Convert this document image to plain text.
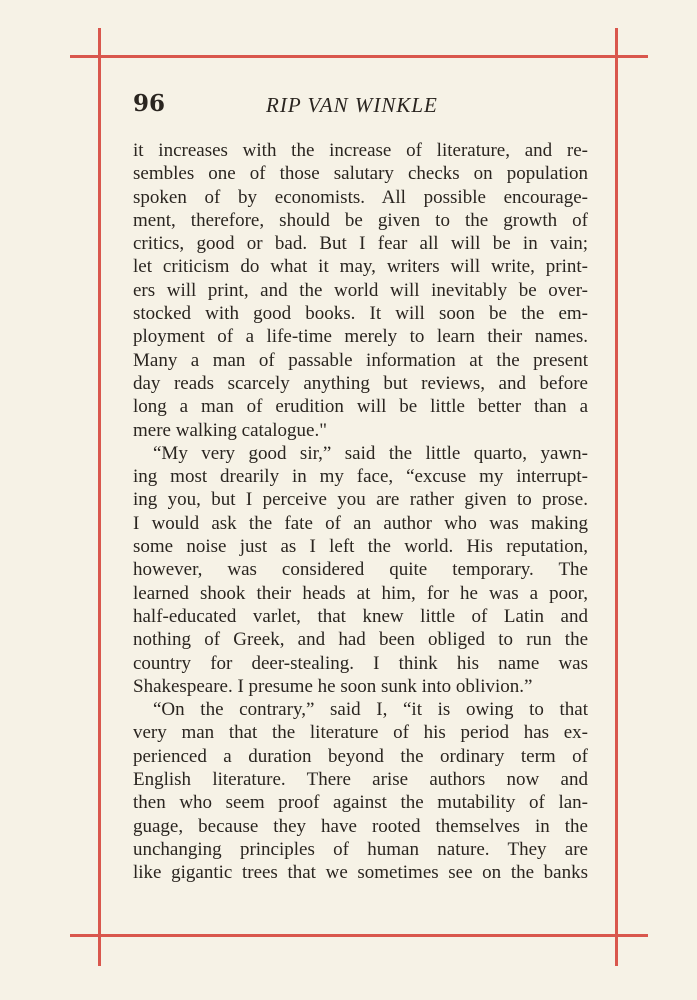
96	RIP VAN WINKLE
it increases with the increase of literature, and re-
sembles one of those salutary checks on population
spoken of by economists. All possible encourage-
ment, therefore, should be given to the growth of
critics, good or bad. But I fear all will be in vain;
let criticism do what it may, writers will write, print-
ers will print, and the world will inevitably be over-
stocked with good books. It will soon be the em-
ployment of a life-time merely to learn their names.
Many a man of passable information at the present
day reads scarcely anything but reviews, and before
long a man of erudition will be little better than a
mere walking catalogue."
“My very good sir,” said the little quarto, yawn-
ing most drearily in my face, “excuse my interrupt-
ing you, but I perceive you are rather given to prose.
I would ask the fate of an author who was making
some noise just as I left the world. His reputation,
however, was considered quite temporary. The
learned shook their heads at him, for he was a poor,
half-educated varlet, that knew little of Latin and
nothing of Greek, and had been obliged to run the
country for deer-stealing. I think his name was
Shakespeare. I presume he soon sunk into oblivion.”
“On the contrary,” said I, “it is owing to that
very man that the literature of his period has ex-
perienced a duration beyond the ordinary term of
English literature. There arise authors now and
then who seem proof against the mutability of lan-
guage, because they have rooted themselves in the
unchanging principles of human nature. They are
like gigantic trees that we sometimes see on the banks
